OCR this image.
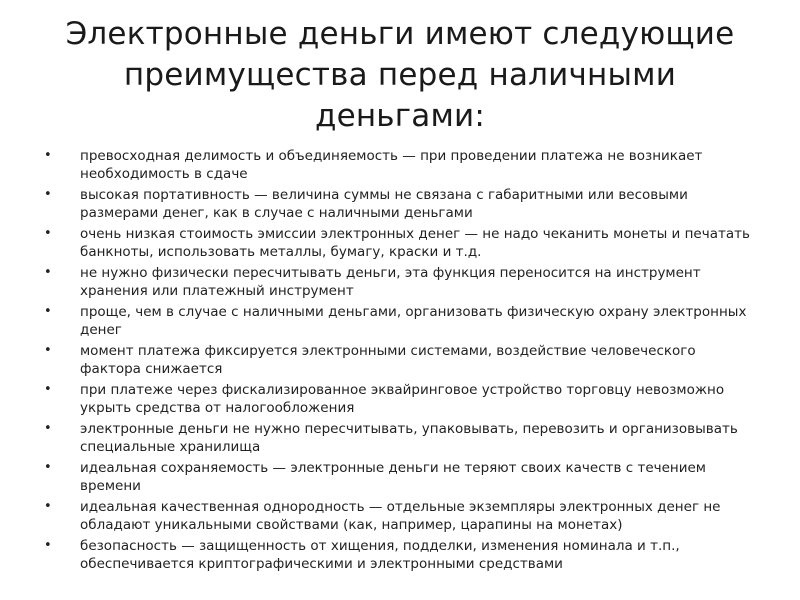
Электронные деньги имеют следующие преимущества перед наличными деньгами:
• превосходная делимость и объединяемость — при проведении платежа не возникает необходимость в сдаче
• высокая портативность — величина суммы не связана с габаритными или весовыми размерами денег, как в случае с наличными деньгами
• очень низкая стоимость эмиссии электронных денег — не надо чеканить монеты и печатать банкноты, использовать металлы, бумагу, краски и т.д.
• не нужно физически пересчитывать деньги, эта функция переносится на инструмент хранения или платежный инструмент
• проще, чем в случае с наличными деньгами, организовать физическую охрану электронных денег
• момент платежа фиксируется электронными системами, воздействие человеческого фактора снижается
• при платеже через фискализированное эквайринговое устройство торговцу невозможно укрыть средства от налогообложения
• электронные деньги не нужно пересчитывать, упаковывать, перевозить и организовывать специальные хранилища
• идеальная сохраняемость — электронные деньги не теряют своих качеств с течением времени
• идеальная качественная однородность — отдельные экземпляры электронных денег не обладают уникальными свойствами (как, например, царапины на монетах)
• безопасность — защищенность от хищения, подделки, изменения номинала и т.п., обеспечивается криптографическими и электронными средствами
